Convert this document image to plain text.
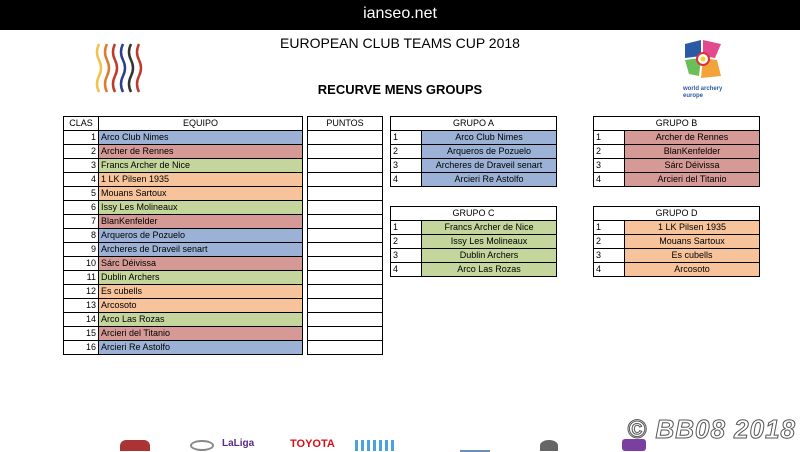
ianseo.net
EUROPEAN CLUB TEAMS CUP 2018
RECURVE MENS GROUPS	world archery europe
CLAS	EQUIPO		PUNTOS
1	Arco Club Nimes		
2	Archer de Rennes		
3	Francs Archer de Nice		
4	1 LK Pilsen 1935		
5	Mouans Sartoux		
6	Issy Les Molineaux		
7	BlanKenfelder		
8	Arqueros de Pozuelo		
9	Archeres de Draveil senart		
10	Sárc Déivissa		
11	Dublin Archers		
12	Es cubells		
13	Arcosoto		
14	Arco Las Rozas		
15	Arcieri del Titanio		
16	Arcieri Re Astolfo		
GRUPO A	
1	Arco Club Nimes
2	Arqueros de Pozuelo
3	Archeres de Draveil senart
4	Arcieri Re Astolfo
GRUPO B	
1	Archer de Rennes
2	BlanKenfelder
3	Sárc Déivissa
4	Arcieri del Titanio
GRUPO C	
1	Francs Archer de Nice
2	Issy Les Molineaux
3	Dublin Archers
4	Arco Las Rozas
GRUPO D	
1	1 LK Pilsen 1935
2	Mouans Sartoux
3	Es cubells
4	Arcosoto
LaLiga	TOYOTA	© BB08 2018
